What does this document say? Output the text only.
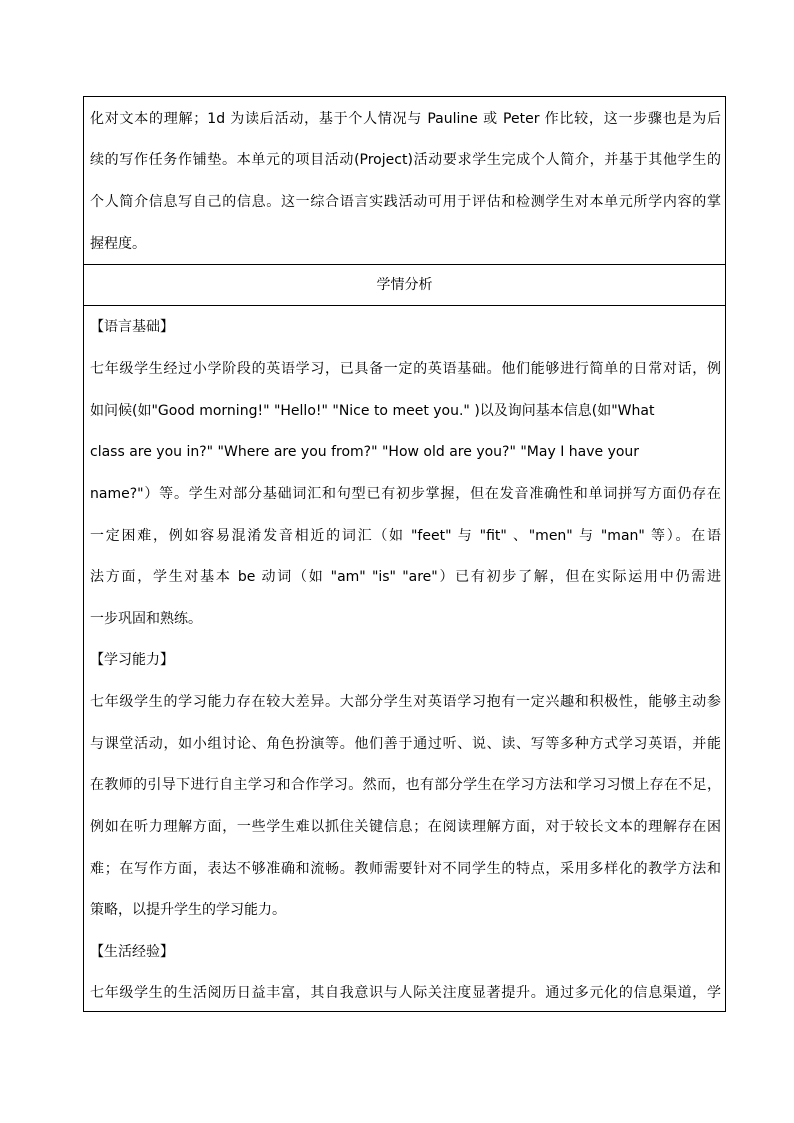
化对文本的理解；1d 为读后活动，基于个人情况与 Pauline 或 Peter 作比较，这一步骤也是为后
续的写作任务作铺垫。本单元的项目活动(Project)活动要求学生完成个人简介，并基于其他学生的
个人简介信息写自己的信息。这一综合语言实践活动可用于评估和检测学生对本单元所学内容的掌
握程度。
学情分析
【语言基础】
七年级学生经过小学阶段的英语学习，已具备一定的英语基础。他们能够进行简单的日常对话，例
如问候(如"Good morning!" "Hello!" "Nice to meet you." )以及询问基本信息(如"What
class are you in?" "Where are you from?" "How old are you?" "May I have your
name?"）等。学生对部分基础词汇和句型已有初步掌握，但在发音准确性和单词拼写方面仍存在
一定困难，例如容易混淆发音相近的词汇（如 "feet" 与 "fit" 、"men" 与 "man" 等）。在语
法方面，学生对基本 be 动词（如 "am" "is" "are"）已有初步了解，但在实际运用中仍需进
一步巩固和熟练。
【学习能力】
七年级学生的学习能力存在较大差异。大部分学生对英语学习抱有一定兴趣和积极性，能够主动参
与课堂活动，如小组讨论、角色扮演等。他们善于通过听、说、读、写等多种方式学习英语，并能
在教师的引导下进行自主学习和合作学习。然而，也有部分学生在学习方法和学习习惯上存在不足，
例如在听力理解方面，一些学生难以抓住关键信息；在阅读理解方面，对于较长文本的理解存在困
难；在写作方面，表达不够准确和流畅。教师需要针对不同学生的特点，采用多样化的教学方法和
策略，以提升学生的学习能力。
【生活经验】
七年级学生的生活阅历日益丰富，其自我意识与人际关注度显著提升。通过多元化的信息渠道，学
